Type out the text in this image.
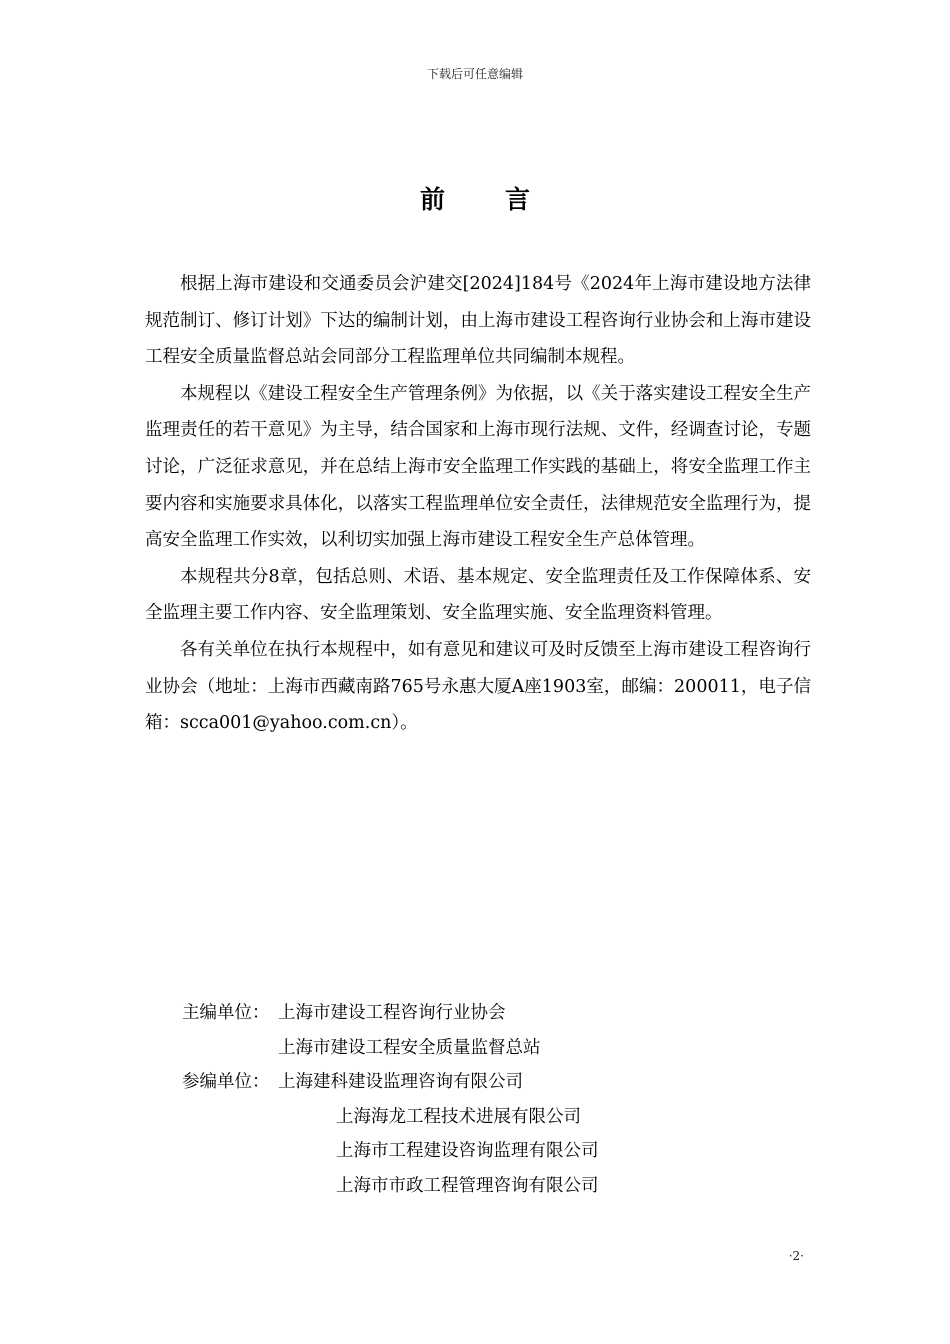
下载后可任意编辑
前 言

根据上海市建设和交通委员会沪建交[2024]184号《2024年上海市建设地方法律规范制订、修订计划》下达的编制计划，由上海市建设工程咨询行业协会和上海市建设工程安全质量监督总站会同部分工程监理单位共同编制本规程。

本规程以《建设工程安全生产管理条例》为依据，以《关于落实建设工程安全生产监理责任的若干意见》为主导，结合国家和上海市现行法规、文件，经调查讨论，专题讨论，广泛征求意见，并在总结上海市安全监理工作实践的基础上，将安全监理工作主要内容和实施要求具体化，以落实工程监理单位安全责任，法律规范安全监理行为，提高安全监理工作实效，以利切实加强上海市建设工程安全生产总体管理。

本规程共分8章，包括总则、术语、基本规定、安全监理责任及工作保障体系、安全监理主要工作内容、安全监理策划、安全监理实施、安全监理资料管理。

各有关单位在执行本规程中，如有意见和建议可及时反馈至上海市建设工程咨询行业协会（地址：上海市西藏南路765号永惠大厦A座1903室，邮编：200011，电子信箱：scca001@yahoo.com.cn）。

主编单位： 上海市建设工程咨询行业协会
上海市建设工程安全质量监督总站
参编单位： 上海建科建设监理咨询有限公司
上海海龙工程技术进展有限公司
上海市工程建设咨询监理有限公司
上海市市政工程管理咨询有限公司
·2·
